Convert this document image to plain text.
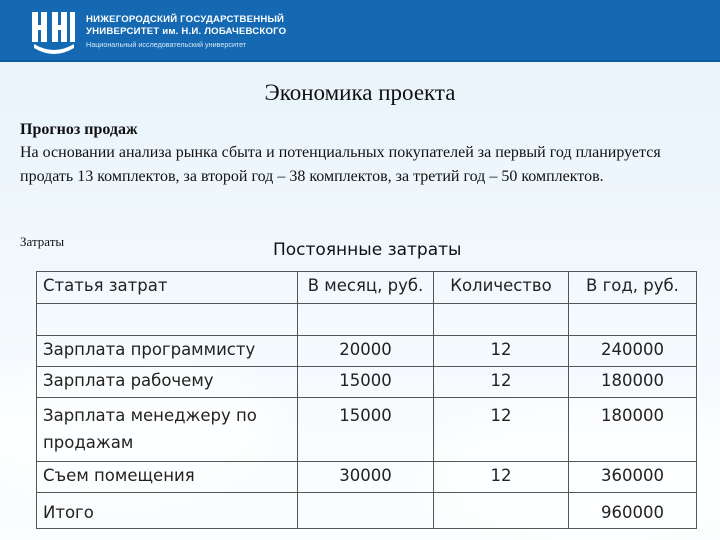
НИЖЕГОРОДСКИЙ ГОСУДАРСТВЕННЫЙ
УНИВЕРСИТЕТ им. Н.И. ЛОБАЧЕВСКОГО
Национальный исследовательский университет
Экономика проекта
Прогноз продаж
На основании анализа рынка сбыта и потенциальных покупателей за первый год планируется продать 13 комплектов, за второй год – 38 комплектов, за третий год – 50 комплектов.
Затраты	Постоянные затраты
Статья затрат	В месяц, руб.	Количество	В год, руб.

Зарплата программисту	20000	12	240000
Зарплата рабочему	15000	12	180000
Зарплата менеджеру по продажам	15000	12	180000
Съем помещения	30000	12	360000
Итого			960000
